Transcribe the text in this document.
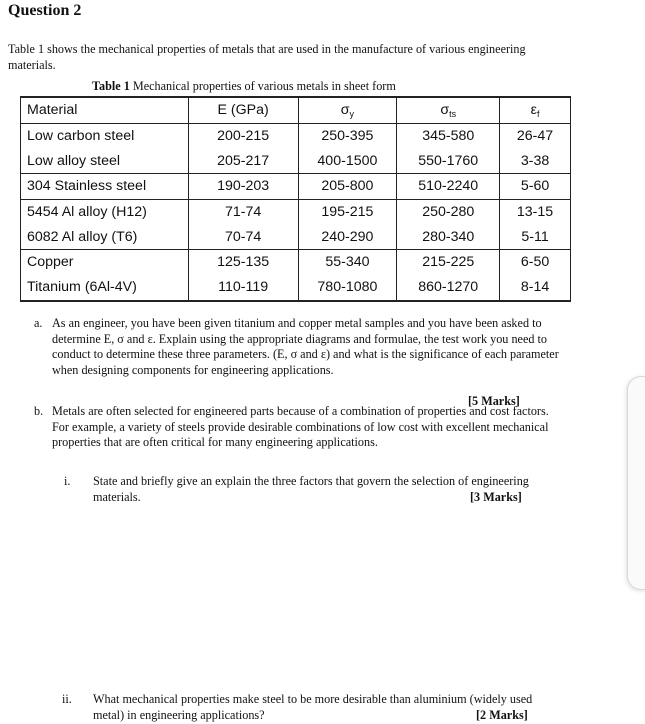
Question 2
Table 1 shows the mechanical properties of metals that are used in the manufacture of various engineering materials.
Table 1 Mechanical properties of various metals in sheet form
Material	E (GPa)	$\sigma_y$	$\sigma_{ts}$	$\varepsilon_f$
Low carbon steel	200-215	250-395	345-580	26-47
Low alloy steel	205-217	400-1500	550-1760	3-38
304 Stainless steel	190-203	205-800	510-2240	5-60
5454 Al alloy (H12)	71-74	195-215	250-280	13-15
6082 Al alloy (T6)	70-74	240-290	280-340	5-11
Copper	125-135	55-340	215-225	6-50
Titanium (6Al-4V)	110-119	780-1080	860-1270	8-14
a. As an engineer, you have been given titanium and copper metal samples and you have been asked to determine E, σ and ε. Explain using the appropriate diagrams and formulae, the test work you need to conduct to determine these three parameters. (E, σ and ε) and what is the significance of each parameter when designing components for engineering applications.
[5 Marks]
b. Metals are often selected for engineered parts because of a combination of properties and cost factors. For example, a variety of steels provide desirable combinations of low cost with excellent mechanical properties that are often critical for many engineering applications.
i. State and briefly give an explain the three factors that govern the selection of engineering materials.	[3 Marks]
ii. What mechanical properties make steel to be more desirable than aluminium (widely used metal) in engineering applications?	[2 Marks]
